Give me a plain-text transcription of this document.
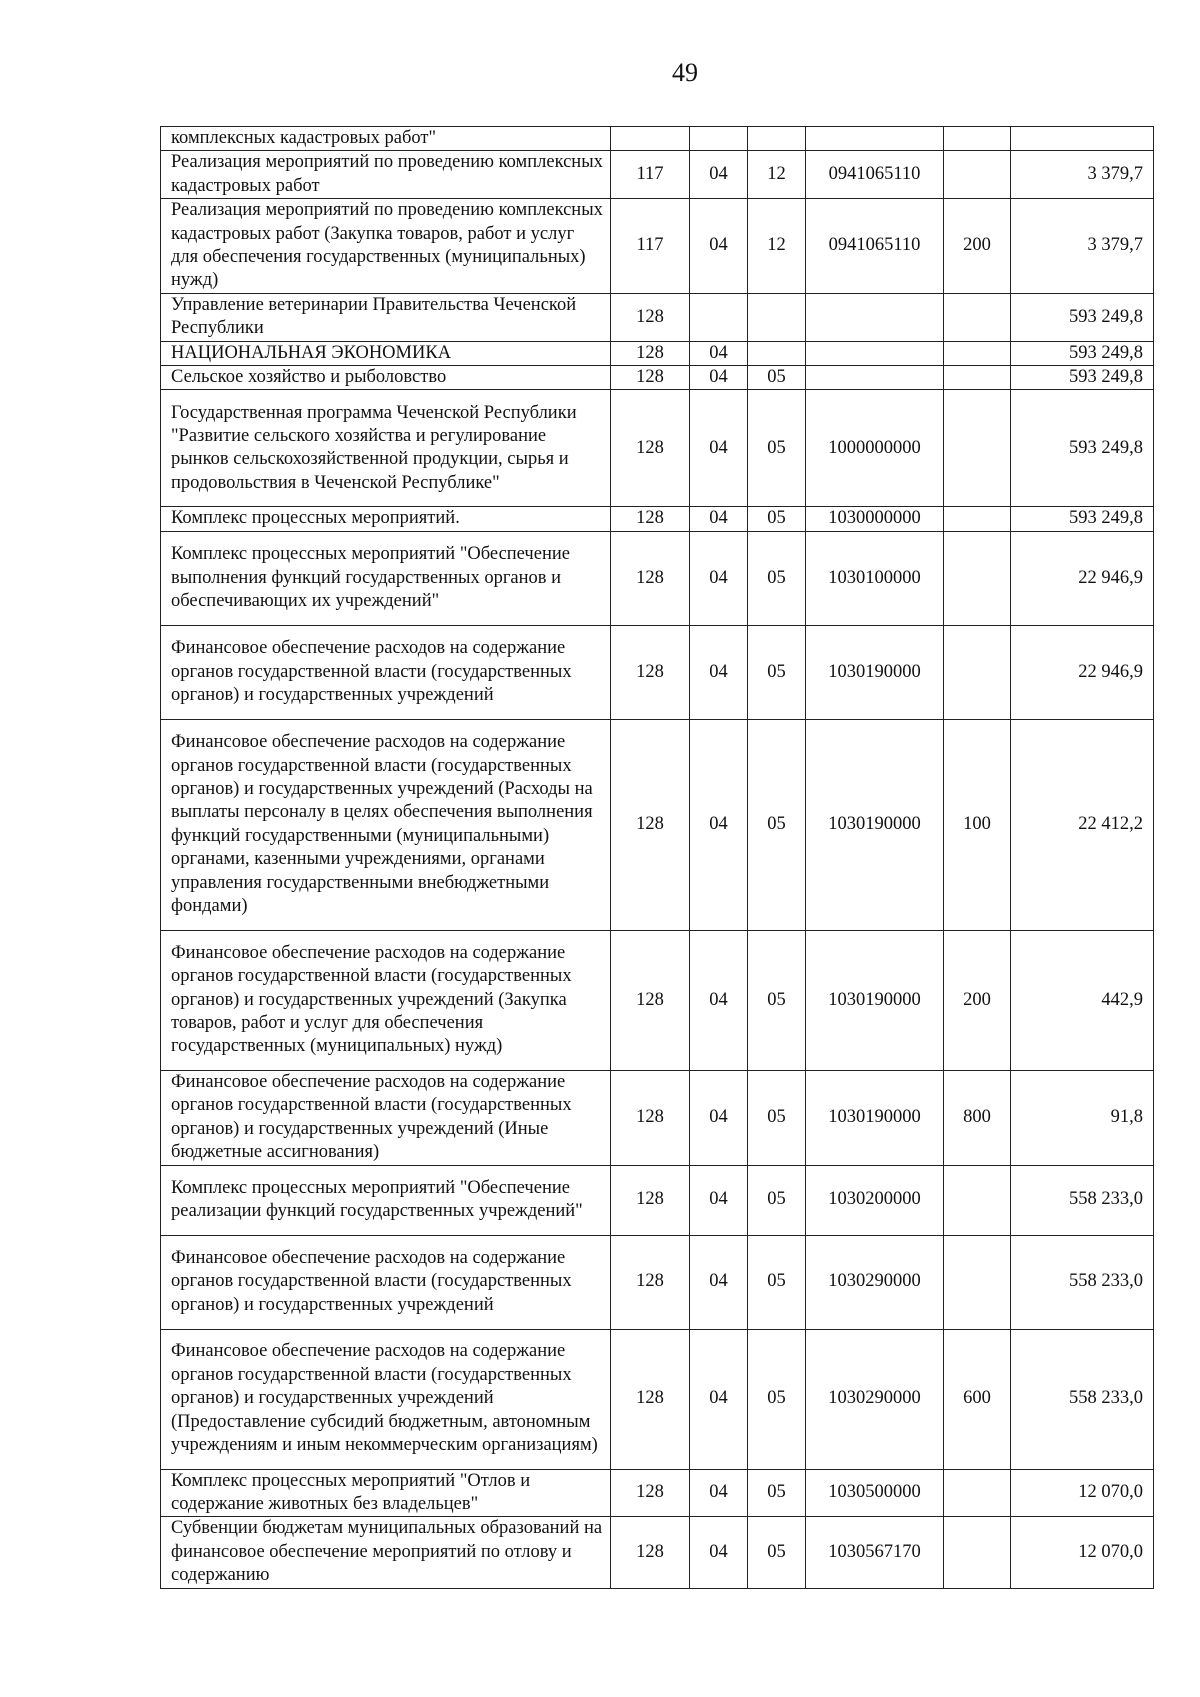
49
комплексных кадастровых работ"						
Реализация мероприятий по проведению комплексных кадастровых работ	117	04	12	0941065110		3 379,7
Реализация мероприятий по проведению комплексных кадастровых работ (Закупка товаров, работ и услуг для обеспечения государственных (муниципальных) нужд)	117	04	12	0941065110	200	3 379,7
Управление ветеринарии Правительства Чеченской Республики	128					593 249,8
НАЦИОНАЛЬНАЯ ЭКОНОМИКА	128	04				593 249,8
Сельское хозяйство и рыболовство	128	04	05			593 249,8
Государственная программа Чеченской Республики "Развитие сельского хозяйства и регулирование рынков сельскохозяйственной продукции, сырья и продовольствия в Чеченской Республике"	128	04	05	1000000000		593 249,8
Комплекс процессных мероприятий.	128	04	05	1030000000		593 249,8
Комплекс процессных мероприятий "Обеспечение выполнения функций государственных органов и обеспечивающих их учреждений"	128	04	05	1030100000		22 946,9
Финансовое обеспечение расходов на содержание органов государственной власти (государственных органов) и государственных учреждений	128	04	05	1030190000		22 946,9
Финансовое обеспечение расходов на содержание органов государственной власти (государственных органов) и государственных учреждений (Расходы на выплаты персоналу в целях обеспечения выполнения функций государственными (муниципальными) органами, казенными учреждениями, органами управления государственными внебюджетными фондами)	128	04	05	1030190000	100	22 412,2
Финансовое обеспечение расходов на содержание органов государственной власти (государственных органов) и государственных учреждений (Закупка товаров, работ и услуг для обеспечения государственных (муниципальных) нужд)	128	04	05	1030190000	200	442,9
Финансовое обеспечение расходов на содержание органов государственной власти (государственных органов) и государственных учреждений (Иные бюджетные ассигнования)	128	04	05	1030190000	800	91,8
Комплекс процессных мероприятий "Обеспечение реализации функций государственных учреждений"	128	04	05	1030200000		558 233,0
Финансовое обеспечение расходов на содержание органов государственной власти (государственных органов) и государственных учреждений	128	04	05	1030290000		558 233,0
Финансовое обеспечение расходов на содержание органов государственной власти (государственных органов) и государственных учреждений (Предоставление субсидий бюджетным, автономным учреждениям и иным некоммерческим организациям)	128	04	05	1030290000	600	558 233,0
Комплекс процессных мероприятий "Отлов и содержание животных без владельцев"	128	04	05	1030500000		12 070,0
Субвенции бюджетам муниципальных образований на финансовое обеспечение мероприятий по отлову и содержанию	128	04	05	1030567170		12 070,0
